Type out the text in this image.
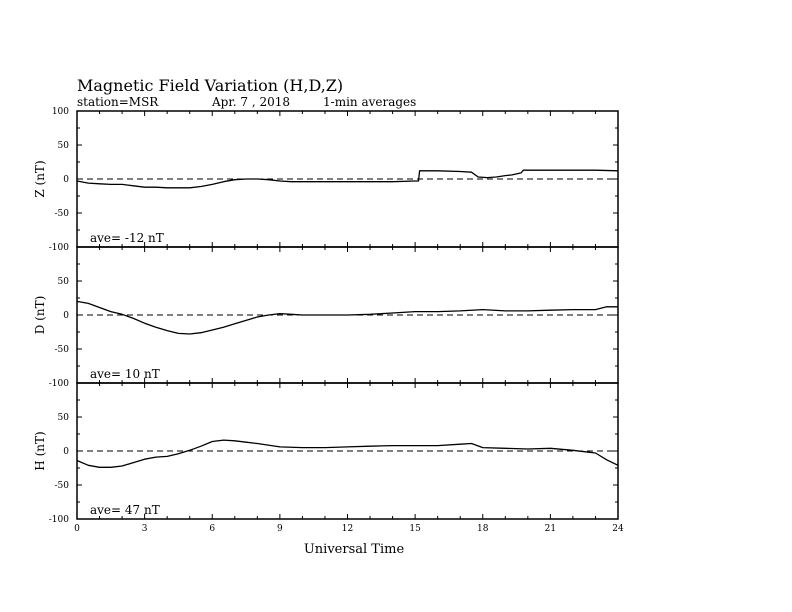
Magnetic Field Variation (H,D,Z)
station=MSR	Apr. 7 , 2018	1-min averages
-100
-50
0
50
100
Z (nT)
ave= -12 nT
-100
-50
0
50
D (nT)
ave= 10 nT
-100
-50
0
50
H (nT)
ave= 47 nT
0	3	6	9	12	15	18	21	24
Universal Time
